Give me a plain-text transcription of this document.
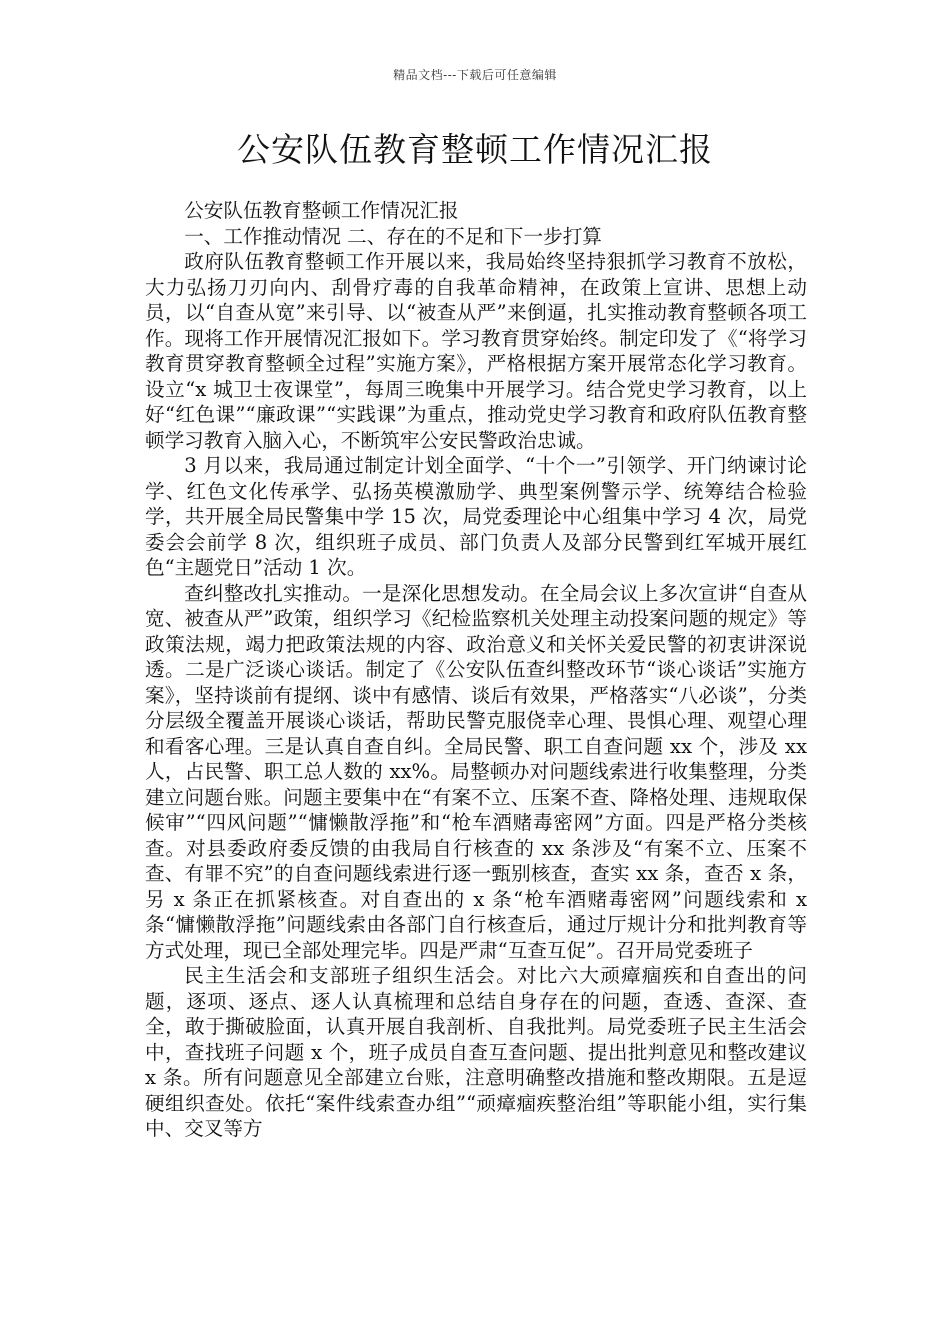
精品文档---下载后可任意编辑
公安队伍教育整顿工作情况汇报

公安队伍教育整顿工作情况汇报

一、工作推动情况 二、存在的不足和下一步打算

政府队伍教育整顿工作开展以来，我局始终坚持狠抓学习教育不放松，大力弘扬刀刃向内、刮骨疗毒的自我革命精神，在政策上宣讲、思想上动员，以“自查从宽”来引导、以“被查从严”来倒逼，扎实推动教育整顿各项工作。现将工作开展情况汇报如下。学习教育贯穿始终。制定印发了《“将学习教育贯穿教育整顿全过程”实施方案》，严格根据方案开展常态化学习教育。设立“x 城卫士夜课堂”，每周三晚集中开展学习。结合党史学习教育，以上好“红色课”“廉政课”“实践课”为重点，推动党史学习教育和政府队伍教育整顿学习教育入脑入心，不断筑牢公安民警政治忠诚。

3 月以来，我局通过制定计划全面学、“十个一”引领学、开门纳谏讨论学、红色文化传承学、弘扬英模激励学、典型案例警示学、统筹结合检验学，共开展全局民警集中学 15 次，局党委理论中心组集中学习 4 次，局党委会会前学 8 次，组织班子成员、部门负责人及部分民警到红军城开展红色“主题党日”活动 1 次。

查纠整改扎实推动。一是深化思想发动。在全局会议上多次宣讲“自查从宽、被查从严”政策，组织学习《纪检监察机关处理主动投案问题的规定》等政策法规，竭力把政策法规的内容、政治意义和关怀关爱民警的初衷讲深说透。二是广泛谈心谈话。制定了《公安队伍查纠整改环节“谈心谈话”实施方案》，坚持谈前有提纲、谈中有感情、谈后有效果，严格落实“八必谈”，分类分层级全覆盖开展谈心谈话，帮助民警克服侥幸心理、畏惧心理、观望心理和看客心理。三是认真自查自纠。全局民警、职工自查问题 xx 个，涉及 xx 人，占民警、职工总人数的 xx%。局整顿办对问题线索进行收集整理，分类建立问题台账。问题主要集中在“有案不立、压案不查、降格处理、违规取保候审”“四风问题”“慵懒散浮拖”和“枪车酒赌毒密网”方面。四是严格分类核查。对县委政府委反馈的由我局自行核查的 xx 条涉及“有案不立、压案不查、有罪不究”的自查问题线索进行逐一甄别核查，查实 xx 条，查否 x 条，另 x 条正在抓紧核查。对自查出的 x 条“枪车酒赌毒密网”问题线索和 x 条“慵懒散浮拖”问题线索由各部门自行核查后，通过厅规计分和批判教育等方式处理，现已全部处理完毕。四是严肃“互查互促”。召开局党委班子

民主生活会和支部班子组织生活会。对比六大顽瘴痼疾和自查出的问题，逐项、逐点、逐人认真梳理和总结自身存在的问题，查透、查深、查全，敢于撕破脸面，认真开展自我剖析、自我批判。局党委班子民主生活会中，查找班子问题 x 个，班子成员自查互查问题、提出批判意见和整改建议 x 条。所有问题意见全部建立台账，注意明确整改措施和整改期限。五是逗硬组织查处。依托“案件线索查办组”“顽瘴痼疾整治组”等职能小组，实行集中、交叉等方
